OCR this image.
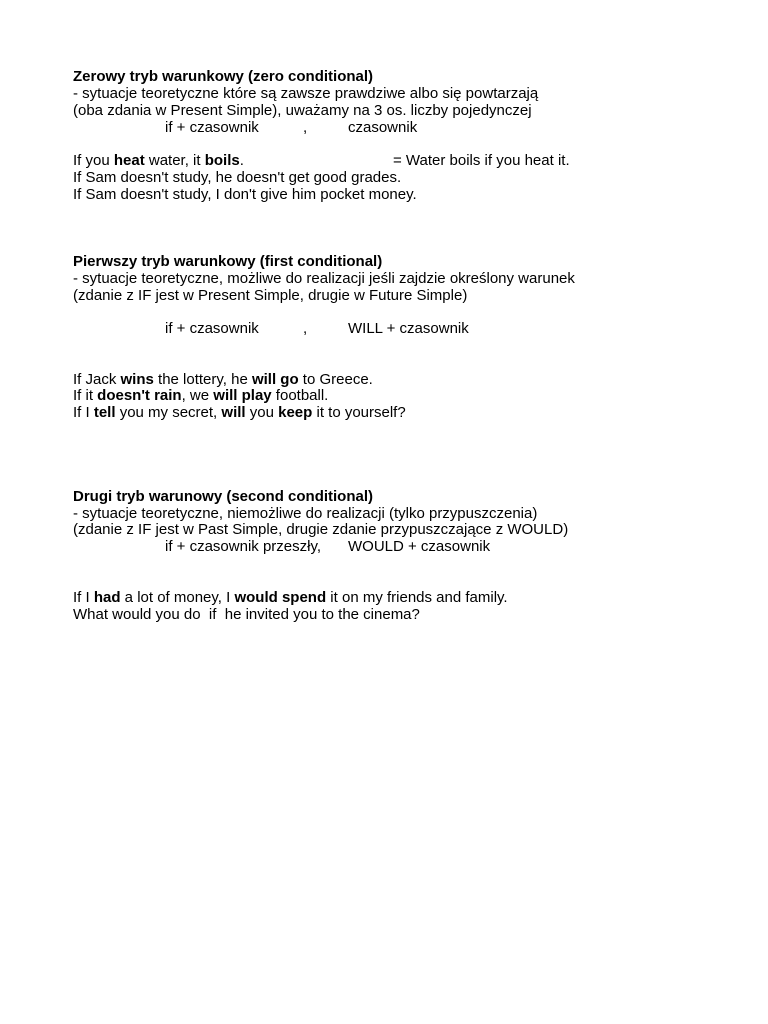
Zerowy tryb warunkowy (zero conditional)
- sytuacje teoretyczne które są zawsze prawdziwe albo się powtarzają
(oba zdania w Present Simple), uważamy na 3 os. liczby pojedynczej
if + czasownik	,	czasownik
If you heat water, it boils.	= Water boils if you heat it.
If Sam doesn't study, he doesn't get good grades.
If Sam doesn't study, I don't give him pocket money.
Pierwszy tryb warunkowy (first conditional)
- sytuacje teoretyczne, możliwe do realizacji jeśli zajdzie określony warunek
(zdanie z IF jest w Present Simple, drugie w Future Simple)
if + czasownik	,	WILL + czasownik
If Jack wins the lottery, he will go to Greece.
If it doesn't rain, we will play football.
If I tell you my secret, will you keep it to yourself?
Drugi tryb warunowy (second conditional)
- sytuacje teoretyczne, niemożliwe do realizacji (tylko przypuszczenia)
(zdanie z IF jest w Past Simple, drugie zdanie przypuszczające z WOULD)
if + czasownik przeszły, WOULD + czasownik
If I had a lot of money, I would spend it on my friends and family.
What would you do  if  he invited you to the cinema?
